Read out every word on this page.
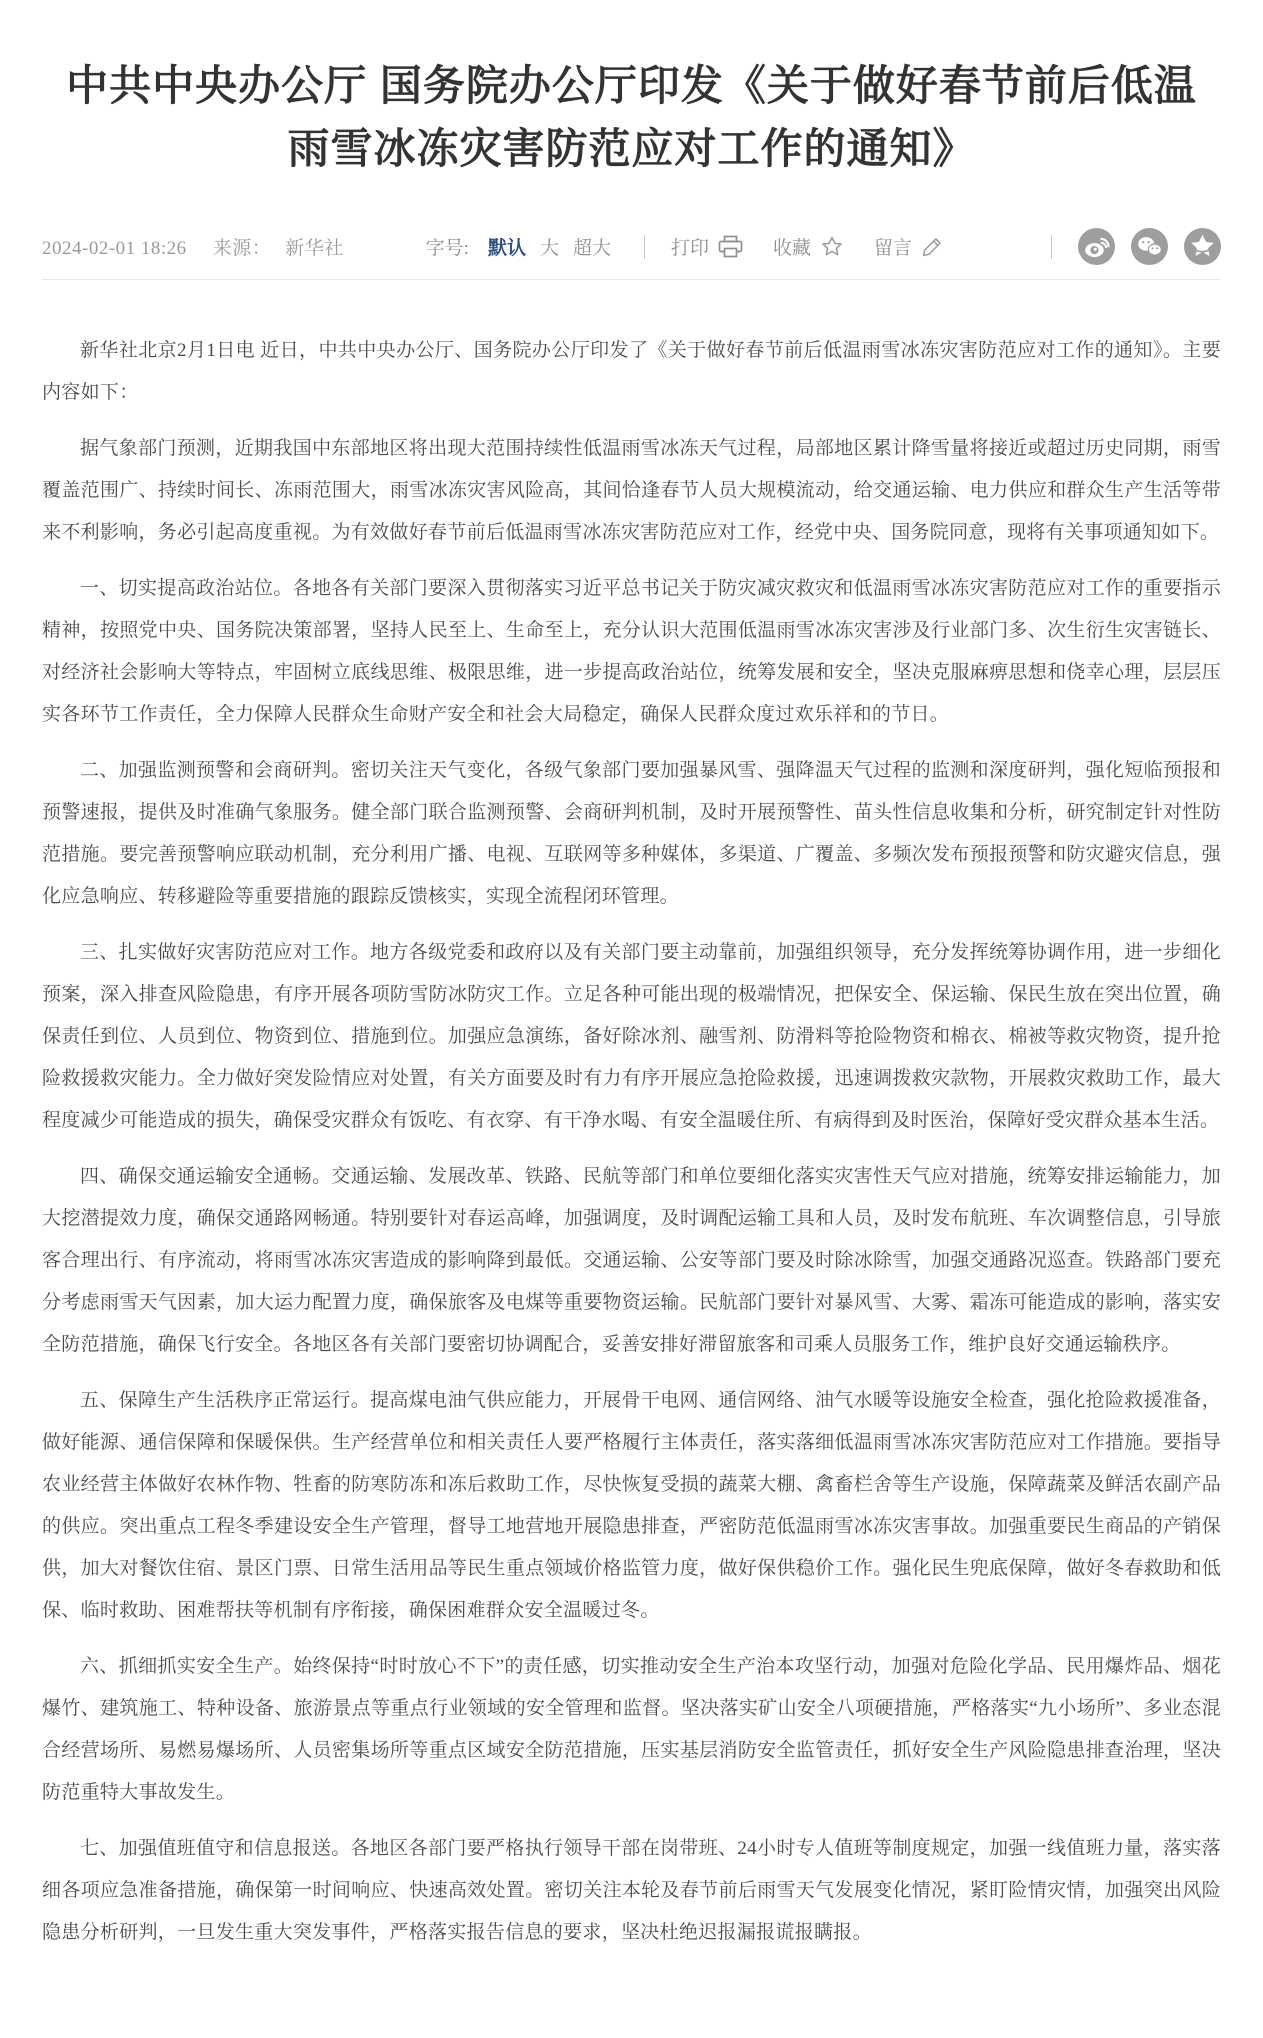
中共中央办公厅 国务院办公厅印发《关于做好春节前后低温雨雪冰冻灾害防范应对工作的通知》
2024-02-01 18:26 来源： 新华社	字号: 默认 大 超大	打印	收藏	留言

新华社北京2月1日电 近日，中共中央办公厅、国务院办公厅印发了《关于做好春节前后低温雨雪冰冻灾害防范应对工作的通知》。主要内容如下：

据气象部门预测，近期我国中东部地区将出现大范围持续性低温雨雪冰冻天气过程，局部地区累计降雪量将接近或超过历史同期，雨雪覆盖范围广、持续时间长、冻雨范围大，雨雪冰冻灾害风险高，其间恰逢春节人员大规模流动，给交通运输、电力供应和群众生产生活等带来不利影响，务必引起高度重视。为有效做好春节前后低温雨雪冰冻灾害防范应对工作，经党中央、国务院同意，现将有关事项通知如下。

一、切实提高政治站位。各地各有关部门要深入贯彻落实习近平总书记关于防灾减灾救灾和低温雨雪冰冻灾害防范应对工作的重要指示精神，按照党中央、国务院决策部署，坚持人民至上、生命至上，充分认识大范围低温雨雪冰冻灾害涉及行业部门多、次生衍生灾害链长、对经济社会影响大等特点，牢固树立底线思维、极限思维，进一步提高政治站位，统筹发展和安全，坚决克服麻痹思想和侥幸心理，层层压实各环节工作责任，全力保障人民群众生命财产安全和社会大局稳定，确保人民群众度过欢乐祥和的节日。

二、加强监测预警和会商研判。密切关注天气变化，各级气象部门要加强暴风雪、强降温天气过程的监测和深度研判，强化短临预报和预警速报，提供及时准确气象服务。健全部门联合监测预警、会商研判机制，及时开展预警性、苗头性信息收集和分析，研究制定针对性防范措施。要完善预警响应联动机制，充分利用广播、电视、互联网等多种媒体，多渠道、广覆盖、多频次发布预报预警和防灾避灾信息，强化应急响应、转移避险等重要措施的跟踪反馈核实，实现全流程闭环管理。

三、扎实做好灾害防范应对工作。地方各级党委和政府以及有关部门要主动靠前，加强组织领导，充分发挥统筹协调作用，进一步细化预案，深入排查风险隐患，有序开展各项防雪防冰防灾工作。立足各种可能出现的极端情况，把保安全、保运输、保民生放在突出位置，确保责任到位、人员到位、物资到位、措施到位。加强应急演练，备好除冰剂、融雪剂、防滑料等抢险物资和棉衣、棉被等救灾物资，提升抢险救援救灾能力。全力做好突发险情应对处置，有关方面要及时有力有序开展应急抢险救援，迅速调拨救灾款物，开展救灾救助工作，最大程度减少可能造成的损失，确保受灾群众有饭吃、有衣穿、有干净水喝、有安全温暖住所、有病得到及时医治，保障好受灾群众基本生活。

四、确保交通运输安全通畅。交通运输、发展改革、铁路、民航等部门和单位要细化落实灾害性天气应对措施，统筹安排运输能力，加大挖潜提效力度，确保交通路网畅通。特别要针对春运高峰，加强调度，及时调配运输工具和人员，及时发布航班、车次调整信息，引导旅客合理出行、有序流动，将雨雪冰冻灾害造成的影响降到最低。交通运输、公安等部门要及时除冰除雪，加强交通路况巡查。铁路部门要充分考虑雨雪天气因素，加大运力配置力度，确保旅客及电煤等重要物资运输。民航部门要针对暴风雪、大雾、霜冻可能造成的影响，落实安全防范措施，确保飞行安全。各地区各有关部门要密切协调配合，妥善安排好滞留旅客和司乘人员服务工作，维护良好交通运输秩序。

五、保障生产生活秩序正常运行。提高煤电油气供应能力，开展骨干电网、通信网络、油气水暖等设施安全检查，强化抢险救援准备，做好能源、通信保障和保暖保供。生产经营单位和相关责任人要严格履行主体责任，落实落细低温雨雪冰冻灾害防范应对工作措施。要指导农业经营主体做好农林作物、牲畜的防寒防冻和冻后救助工作，尽快恢复受损的蔬菜大棚、禽畜栏舍等生产设施，保障蔬菜及鲜活农副产品的供应。突出重点工程冬季建设安全生产管理，督导工地营地开展隐患排查，严密防范低温雨雪冰冻灾害事故。加强重要民生商品的产销保供，加大对餐饮住宿、景区门票、日常生活用品等民生重点领域价格监管力度，做好保供稳价工作。强化民生兜底保障，做好冬春救助和低保、临时救助、困难帮扶等机制有序衔接，确保困难群众安全温暖过冬。

六、抓细抓实安全生产。始终保持“时时放心不下”的责任感，切实推动安全生产治本攻坚行动，加强对危险化学品、民用爆炸品、烟花爆竹、建筑施工、特种设备、旅游景点等重点行业领域的安全管理和监督。坚决落实矿山安全八项硬措施，严格落实“九小场所”、多业态混合经营场所、易燃易爆场所、人员密集场所等重点区域安全防范措施，压实基层消防安全监管责任，抓好安全生产风险隐患排查治理，坚决防范重特大事故发生。

七、加强值班值守和信息报送。各地区各部门要严格执行领导干部在岗带班、24小时专人值班等制度规定，加强一线值班力量，落实落细各项应急准备措施，确保第一时间响应、快速高效处置。密切关注本轮及春节前后雨雪天气发展变化情况，紧盯险情灾情，加强突出风险隐患分析研判，一旦发生重大突发事件，严格落实报告信息的要求，坚决杜绝迟报漏报谎报瞒报。
